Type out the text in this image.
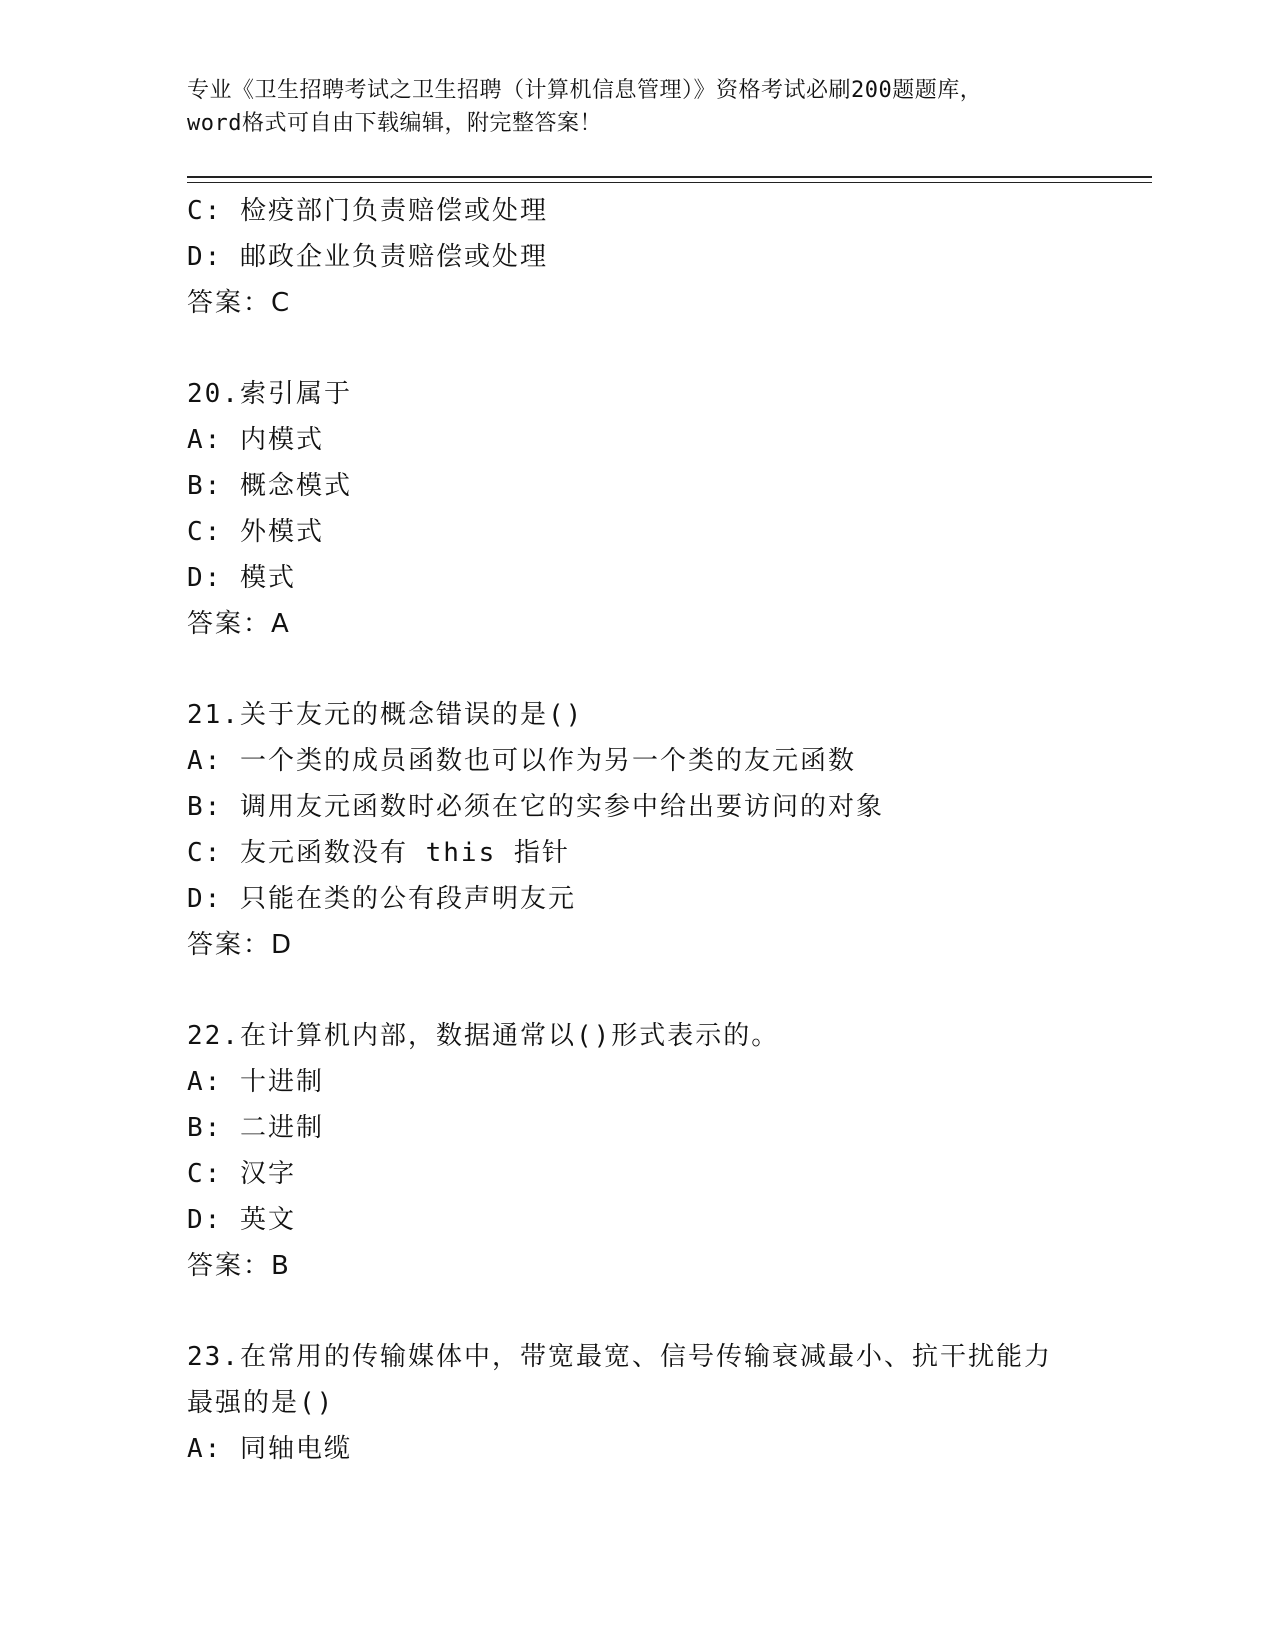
专业《卫生招聘考试之卫生招聘（计算机信息管理）》资格考试必刷200题题库，
word格式可自由下载编辑，附完整答案！
C: 检疫部门负责赔偿或处理
D: 邮政企业负责赔偿或处理
答案：C
20.索引属于
A: 内模式
B: 概念模式
C: 外模式
D: 模式
答案：A
21.关于友元的概念错误的是()
A: 一个类的成员函数也可以作为另一个类的友元函数
B: 调用友元函数时必须在它的实参中给出要访问的对象
C: 友元函数没有 this 指针
D: 只能在类的公有段声明友元
答案：D
22.在计算机内部，数据通常以()形式表示的。
A: 十进制
B: 二进制
C: 汉字
D: 英文
答案：B
23.在常用的传输媒体中，带宽最宽、信号传输衰减最小、抗干扰能力
最强的是()
A: 同轴电缆
